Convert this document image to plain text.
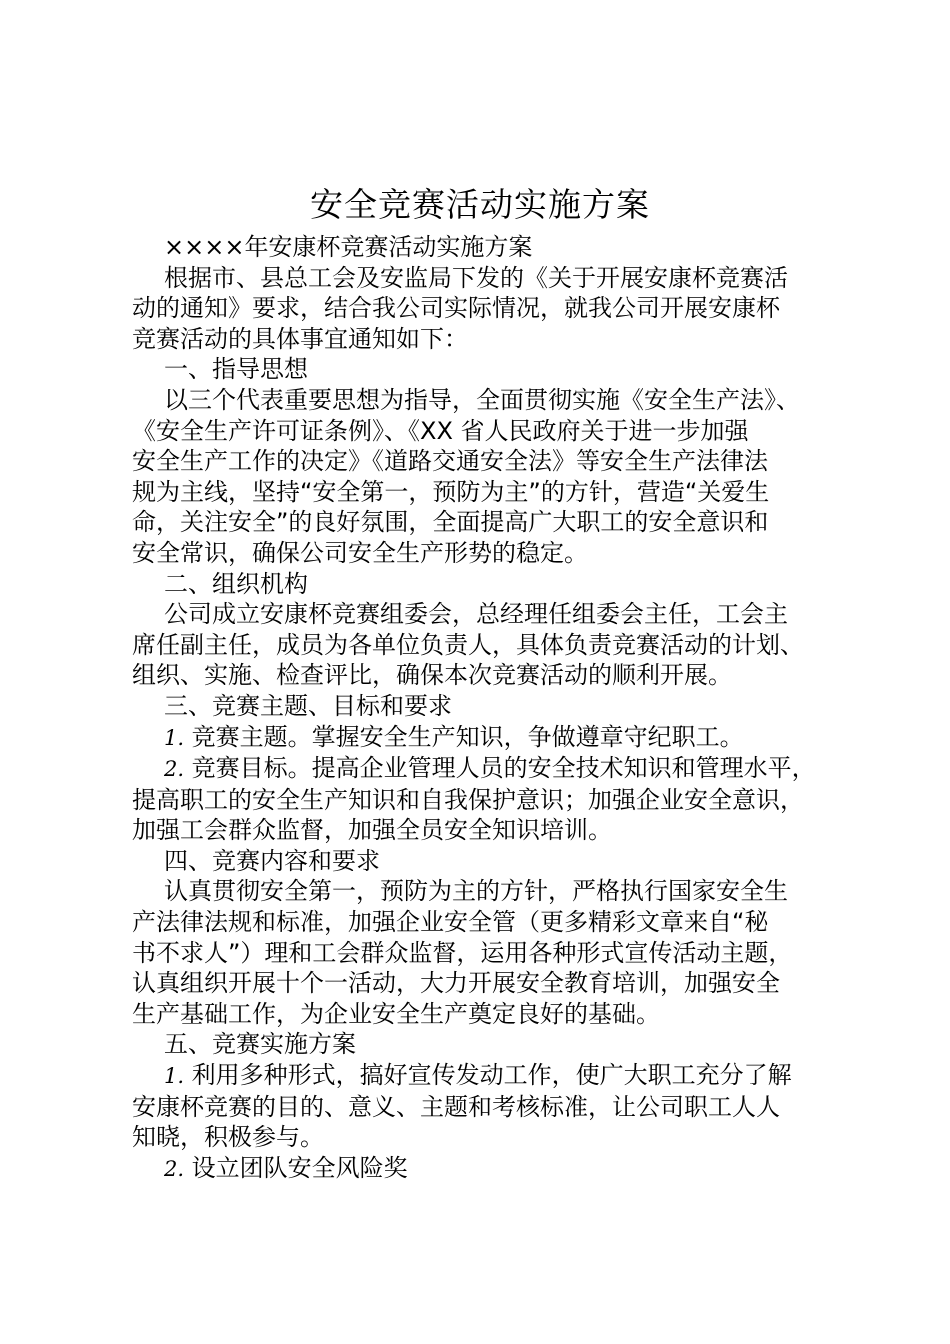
安全竞赛活动实施方案
××××年安康杯竞赛活动实施方案
根据市、县总工会及安监局下发的《关于开展安康杯竞赛活
动的通知》要求，结合我公司实际情况，就我公司开展安康杯
竞赛活动的具体事宜通知如下：
一、指导思想
以三个代表重要思想为指导，全面贯彻实施《安全生产法》、
《安全生产许可证条例》、《XX 省人民政府关于进一步加强
安全生产工作的决定》《道路交通安全法》等安全生产法律法
规为主线，坚持“安全第一，预防为主”的方针，营造“关爱生
命，关注安全”的良好氛围，全面提高广大职工的安全意识和
安全常识，确保公司安全生产形势的稳定。
二、组织机构
公司成立安康杯竞赛组委会，总经理任组委会主任，工会主
席任副主任，成员为各单位负责人，具体负责竞赛活动的计划、
组织、实施、检查评比，确保本次竞赛活动的顺利开展。
三、竞赛主题、目标和要求
1. 竞赛主题。掌握安全生产知识，争做遵章守纪职工。
2. 竞赛目标。提高企业管理人员的安全技术知识和管理水平，
提高职工的安全生产知识和自我保护意识；加强企业安全意识，
加强工会群众监督，加强全员安全知识培训。
四、竞赛内容和要求
认真贯彻安全第一，预防为主的方针，严格执行国家安全生
产法律法规和标准，加强企业安全管（更多精彩文章来自“秘
书不求人”）理和工会群众监督，运用各种形式宣传活动主题，
认真组织开展十个一活动，大力开展安全教育培训，加强安全
生产基础工作，为企业安全生产奠定良好的基础。
五、竞赛实施方案
1. 利用多种形式，搞好宣传发动工作，使广大职工充分了解
安康杯竞赛的目的、意义、主题和考核标准，让公司职工人人
知晓，积极参与。
2. 设立团队安全风险奖
